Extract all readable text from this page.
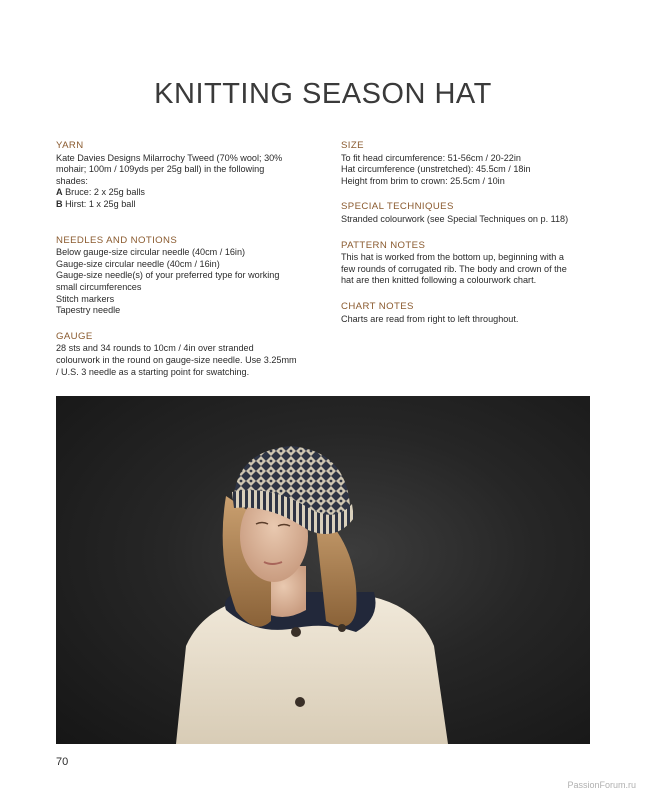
KNITTING SEASON HAT
YARN
Kate Davies Designs Milarrochy Tweed (70% wool; 30%
mohair; 100m / 109yds per 25g ball) in the following
shades:
A Bruce: 2 x 25g balls
B Hirst: 1 x 25g ball
NEEDLES AND NOTIONS
Below gauge-size circular needle (40cm / 16in)
Gauge-size circular needle (40cm / 16in)
Gauge-size needle(s) of your preferred type for working
small circumferences
Stitch markers
Tapestry needle
GAUGE
28 sts and 34 rounds to 10cm / 4in over stranded
colourwork in the round on gauge-size needle. Use 3.25mm
/ U.S. 3 needle as a starting point for swatching.
SIZE
To fit head circumference: 51-56cm / 20-22in
Hat circumference (unstretched): 45.5cm / 18in
Height from brim to crown: 25.5cm / 10in
SPECIAL TECHNIQUES
Stranded colourwork (see Special Techniques on p. 118)
PATTERN NOTES
This hat is worked from the bottom up, beginning with a
few rounds of corrugated rib. The body and crown of the
hat are then knitted following a colourwork chart.
CHART NOTES
Charts are read from right to left throughout.
70
PassionForum.ru
